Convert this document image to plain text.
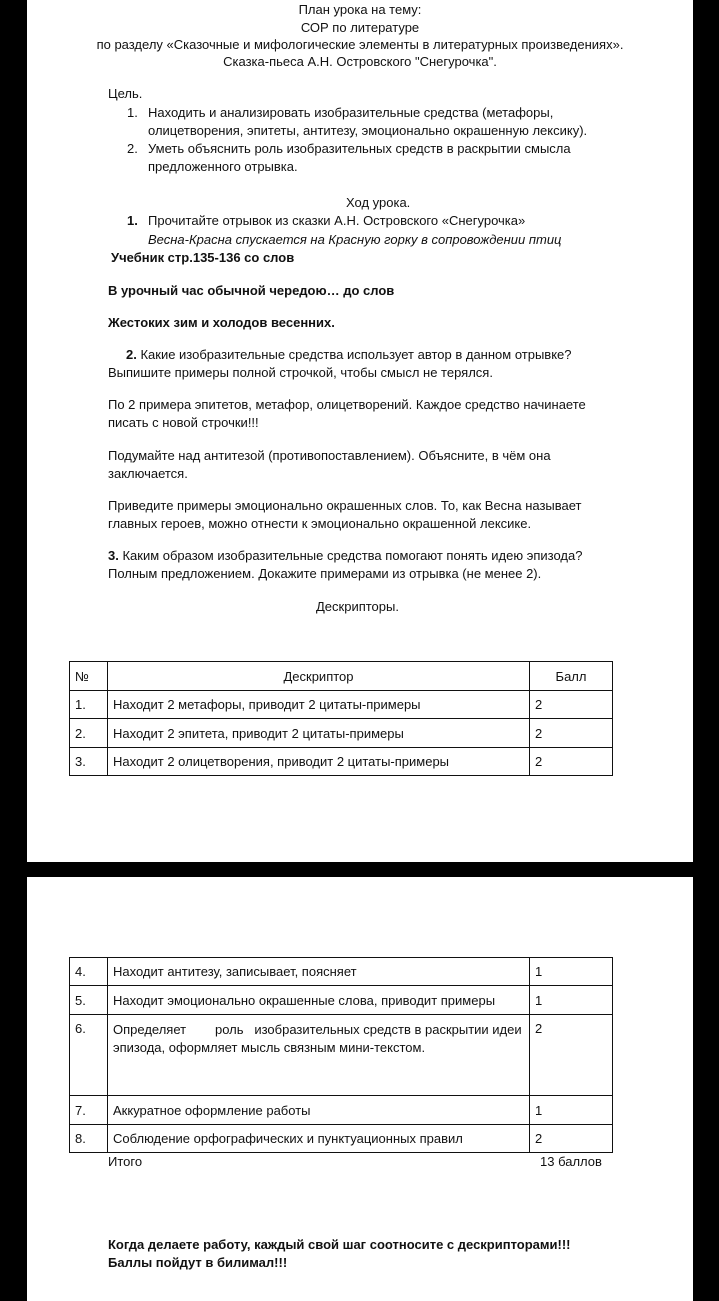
План урока на тему:
СОР по литературе
по разделу «Сказочные и мифологические элементы в литературных произведениях».
Сказка-пьеса А.Н. Островского "Снегурочка".
Цель.
1. Находить и анализировать изобразительные средства (метафоры,
олицетворения, эпитеты, антитезу, эмоционально окрашенную лексику).
2. Уметь объяснить роль изобразительных средств в раскрытии смысла
предложенного отрывка.
Ход урока.
1. Прочитайте отрывок из сказки А.Н. Островского «Снегурочка»
Весна-Красна спускается на Красную горку в сопровождении птиц
Учебник стр.135-136 со слов
В урочный час обычной чередою… до слов
Жестоких зим и холодов весенних.
2. Какие изобразительные средства использует автор в данном отрывке?
Выпишите примеры полной строчкой, чтобы смысл не терялся.
По 2 примера эпитетов, метафор, олицетворений. Каждое средство начинаете
писать с новой строчки!!!
Подумайте над антитезой (противопоставлением). Объясните, в чём она
заключается.
Приведите примеры эмоционально окрашенных слов. То, как Весна называет
главных героев, можно отнести к эмоционально окрашенной лексике.
3. Каким образом изобразительные средства помогают понять идею эпизода?
Полным предложением. Докажите примерами из отрывка (не менее 2).
Дескрипторы.
№	Дескриптор	Балл
1.	Находит 2 метафоры, приводит 2 цитаты-примеры	2
2.	Находит 2 эпитета, приводит 2 цитаты-примеры	2
3.	Находит 2 олицетворения, приводит 2 цитаты-примеры	2
4.	Находит антитезу, записывает, поясняет	1
5.	Находит эмоционально окрашенные слова, приводит примеры	1
6.	Определяет        роль   изобразительных средств в раскрытии идеи эпизода, оформляет мысль связным мини-текстом.	2
7.	Аккуратное оформление работы	1
8.	Соблюдение орфографических и пунктуационных правил	2
Итого	13 баллов
Когда делаете работу, каждый свой шаг соотносите с дескрипторами!!!
Баллы пойдут в билимал!!!
